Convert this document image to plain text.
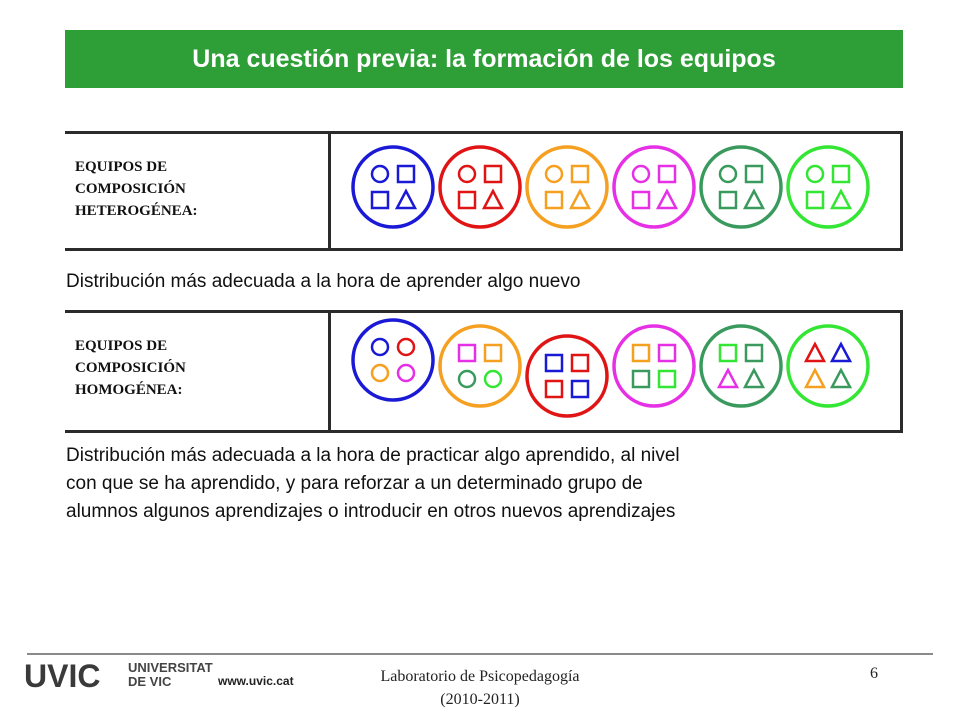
Una cuestión previa: la formación de los equipos
EQUIPOS DE
COMPOSICIÓN
HETEROGÉNEA:
Distribución más adecuada a la hora de aprender algo nuevo
EQUIPOS DE
COMPOSICIÓN
HOMOGÉNEA:
Distribución más adecuada a la hora de practicar algo aprendido, al nivel
con que se ha aprendido, y para reforzar a un determinado grupo de
alumnos algunos aprendizajes o introducir en otros nuevos aprendizajes
UVIC UNIVERSITAT
DE VIC	www.uvic.cat	Laboratorio de Psicopedagogía
(2010-2011)
6
